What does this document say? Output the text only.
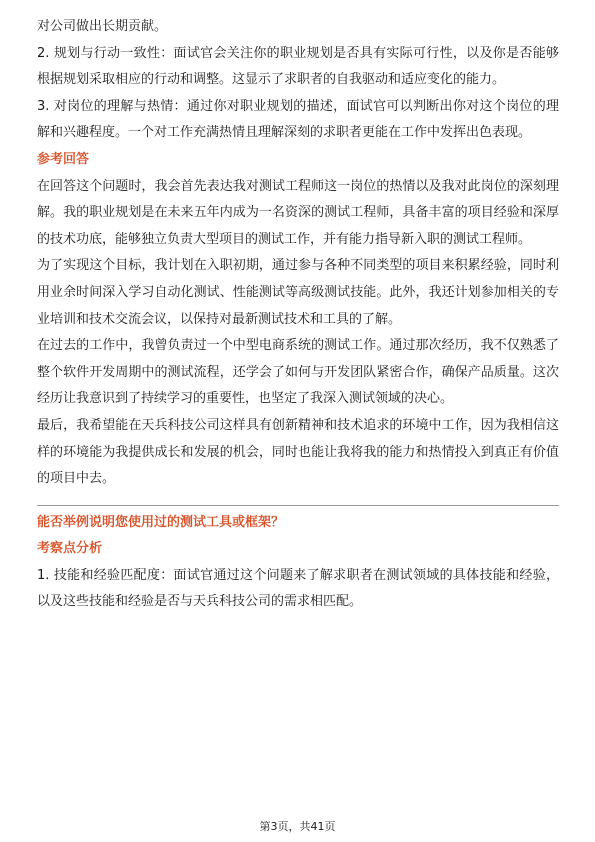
对公司做出长期贡献。

2. 规划与行动一致性：面试官会关注你的职业规划是否具有实际可行性，以及你是否能够根据规划采取相应的行动和调整。这显示了求职者的自我驱动和适应变化的能力。

3. 对岗位的理解与热情：通过你对职业规划的描述，面试官可以判断出你对这个岗位的理解和兴趣程度。一个对工作充满热情且理解深刻的求职者更能在工作中发挥出色表现。

参考回答

在回答这个问题时，我会首先表达我对测试工程师这一岗位的热情以及我对此岗位的深刻理解。我的职业规划是在未来五年内成为一名资深的测试工程师，具备丰富的项目经验和深厚的技术功底，能够独立负责大型项目的测试工作，并有能力指导新入职的测试工程师。

为了实现这个目标，我计划在入职初期，通过参与各种不同类型的项目来积累经验，同时利用业余时间深入学习自动化测试、性能测试等高级测试技能。此外，我还计划参加相关的专业培训和技术交流会议，以保持对最新测试技术和工具的了解。

在过去的工作中，我曾负责过一个中型电商系统的测试工作。通过那次经历，我不仅熟悉了整个软件开发周期中的测试流程，还学会了如何与开发团队紧密合作，确保产品质量。这次经历让我意识到了持续学习的重要性，也坚定了我深入测试领域的决心。

最后，我希望能在天兵科技公司这样具有创新精神和技术追求的环境中工作，因为我相信这样的环境能为我提供成长和发展的机会，同时也能让我将我的能力和热情投入到真正有价值的项目中去。

能否举例说明您使用过的测试工具或框架？

考察点分析

1. 技能和经验匹配度：面试官通过这个问题来了解求职者在测试领域的具体技能和经验，以及这些技能和经验是否与天兵科技公司的需求相匹配。

第3页，共41页
